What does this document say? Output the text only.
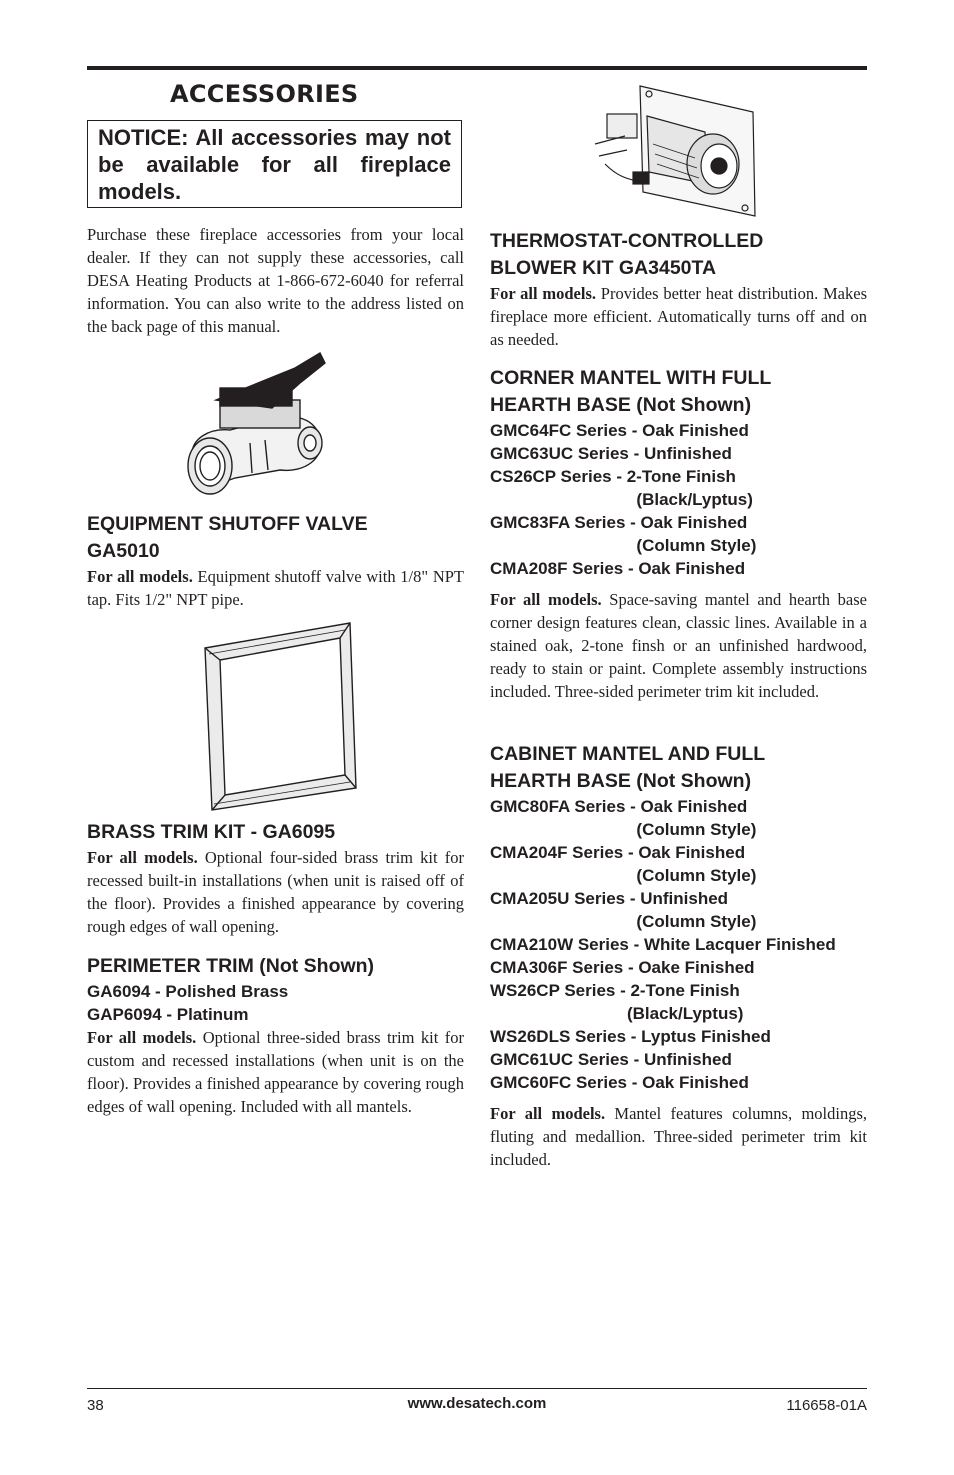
ACCESSORIES
NOTICE: All accessories may not be available for all fireplace models.

Purchase these fireplace accessories from your local dealer. If they can not supply these accessories, call DESA Heating Products at 1-866-672-6040 for referral information. You can also write to the address listed on the back page of this manual.

EQUIPMENT SHUTOFF VALVE

GA5010

For all models. Equipment shutoff valve with 1/8" NPT tap. Fits 1/2" NPT pipe.

BRASS TRIM KIT - GA6095

For all models. Optional four-sided brass trim kit for recessed built-in installations (when unit is raised off of the floor). Provides a finished appearance by covering rough edges of wall opening.

PERIMETER TRIM (Not Shown)

GA6094 - Polished Brass

GAP6094 - Platinum

For all models. Optional three-sided brass trim kit for custom and recessed installations (when unit is on the floor). Provides a finished appearance by covering rough edges of wall opening. Included with all mantels.

THERMOSTAT-CONTROLLED

BLOWER KIT GA3450TA

For all models. Provides better heat distribution. Makes fireplace more efficient. Automatically turns off and on as needed.

CORNER MANTEL WITH FULL

HEARTH BASE (Not Shown)

GMC64FC Series - Oak Finished

GMC63UC Series - Unfinished

CS26CP Series - 2-Tone Finish

(Black/Lyptus)

GMC83FA Series - Oak Finished

(Column Style)

CMA208F Series - Oak Finished

For all models. Space-saving mantel and hearth base corner design features clean, classic lines. Available in a stained oak, 2-tone finsh or an unfinished hardwood, ready to stain or paint. Complete assembly instructions included. Three-sided perimeter trim kit included.

CABINET MANTEL AND FULL

HEARTH BASE (Not Shown)

GMC80FA Series - Oak Finished

(Column Style)

CMA204F Series - Oak Finished

(Column Style)

CMA205U Series - Unfinished

(Column Style)

CMA210W Series - White Lacquer Finished

CMA306F Series - Oake Finished

WS26CP Series - 2-Tone Finish

(Black/Lyptus)

WS26DLS Series - Lyptus Finished

GMC61UC Series - Unfinished

GMC60FC Series - Oak Finished

For all models. Mantel features columns, moldings, fluting and medallion. Three-sided perimeter trim kit included.

38	www.desatech.com	116658-01A
